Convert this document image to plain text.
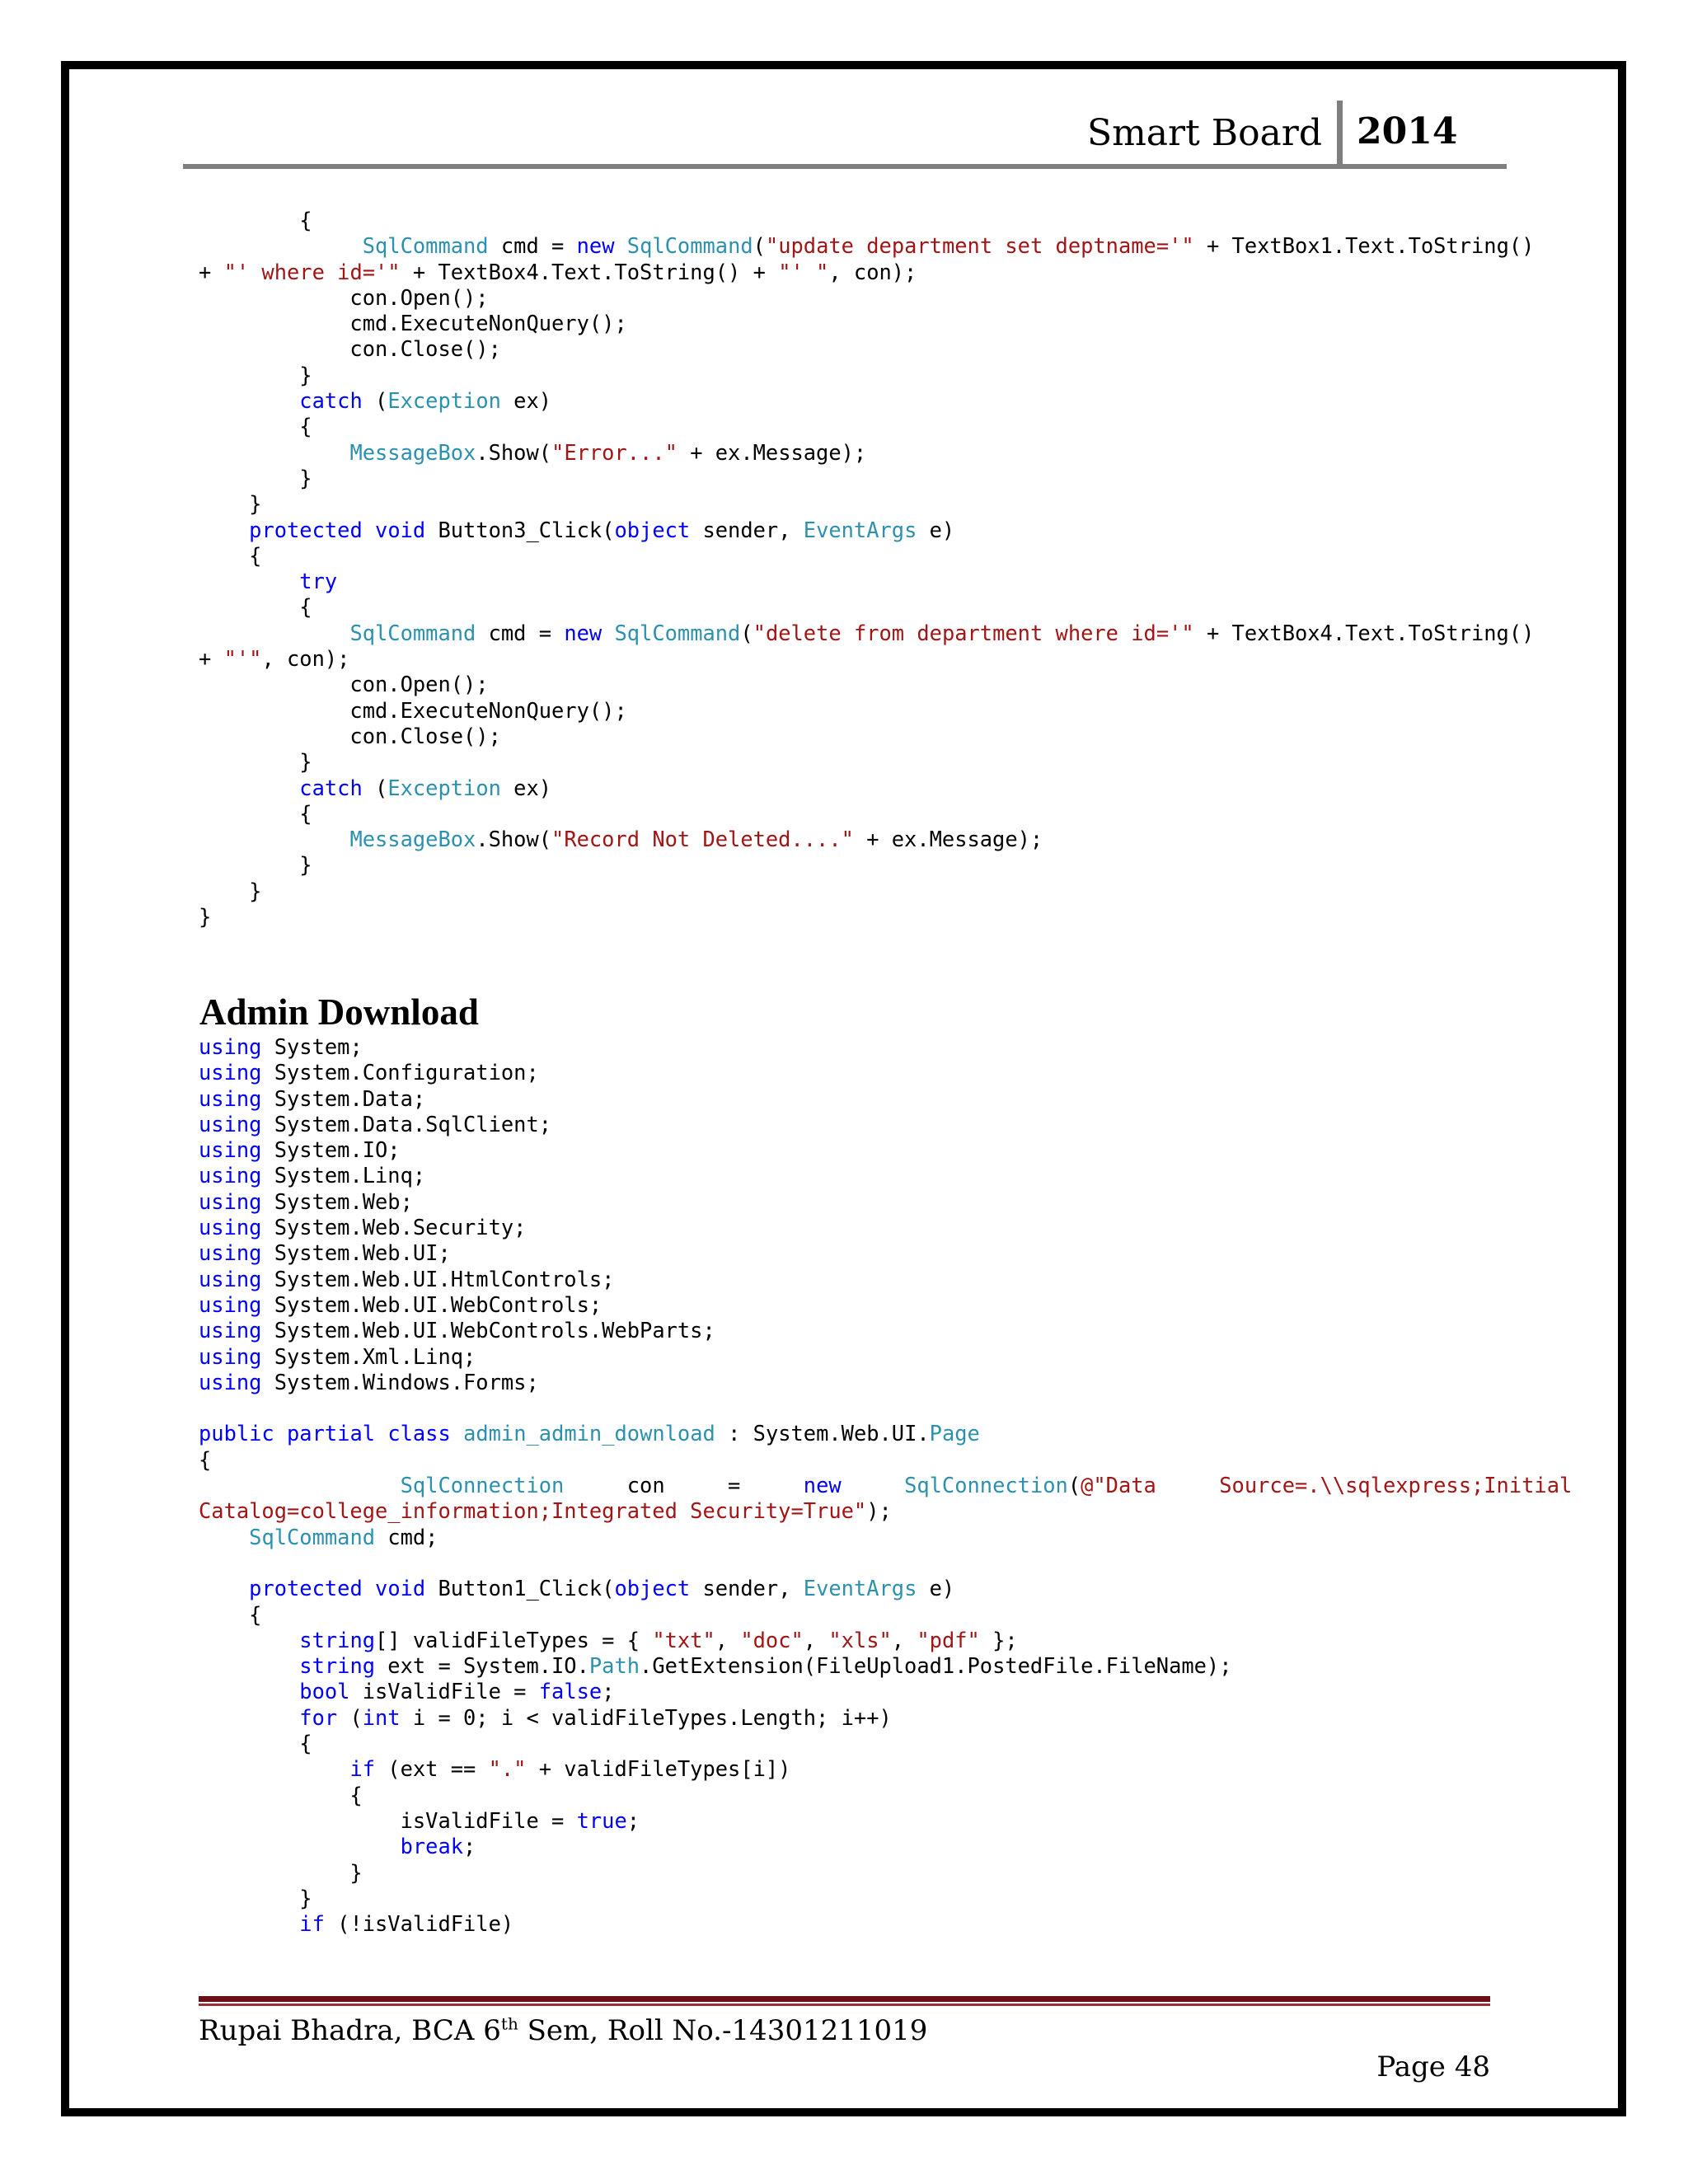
Smart Board 2014
{
SqlCommand cmd = new SqlCommand("update department set deptname='" + TextBox1.Text.ToString()
+ "' where id='" + TextBox4.Text.ToString() + "' ", con);
con.Open();
cmd.ExecuteNonQuery();
con.Close();
}
catch (Exception ex)
{
MessageBox.Show("Error..." + ex.Message);
}
}
protected void Button3_Click(object sender, EventArgs e)
{
try
{
SqlCommand cmd = new SqlCommand("delete from department where id='" + TextBox4.Text.ToString()
+ "'", con);
con.Open();
cmd.ExecuteNonQuery();
con.Close();
}
catch (Exception ex)
{
MessageBox.Show("Record Not Deleted...." + ex.Message);
}
}
}
Admin Download
using System;
using System.Configuration;
using System.Data;
using System.Data.SqlClient;
using System.IO;
using System.Linq;
using System.Web;
using System.Web.Security;
using System.Web.UI;
using System.Web.UI.HtmlControls;
using System.Web.UI.WebControls;
using System.Web.UI.WebControls.WebParts;
using System.Xml.Linq;
using System.Windows.Forms;

public partial class admin_admin_download : System.Web.UI.Page
{
SqlConnection     con     =     new	SqlConnection(@"Data     Source=.\\sqlexpress;Initial
Catalog=college_information;Integrated Security=True");
SqlCommand cmd;

protected void Button1_Click(object sender, EventArgs e)
{
string[] validFileTypes = { "txt", "doc", "xls", "pdf" };
string ext = System.IO.Path.GetExtension(FileUpload1.PostedFile.FileName);
bool isValidFile = false;
for (int i = 0; i < validFileTypes.Length; i++)
{
if (ext == "." + validFileTypes[i])
{
isValidFile = true;
break;
}
}
if (!isValidFile)
Rupai Bhadra, BCA 6th Sem, Roll No.-14301211019
Page 48
